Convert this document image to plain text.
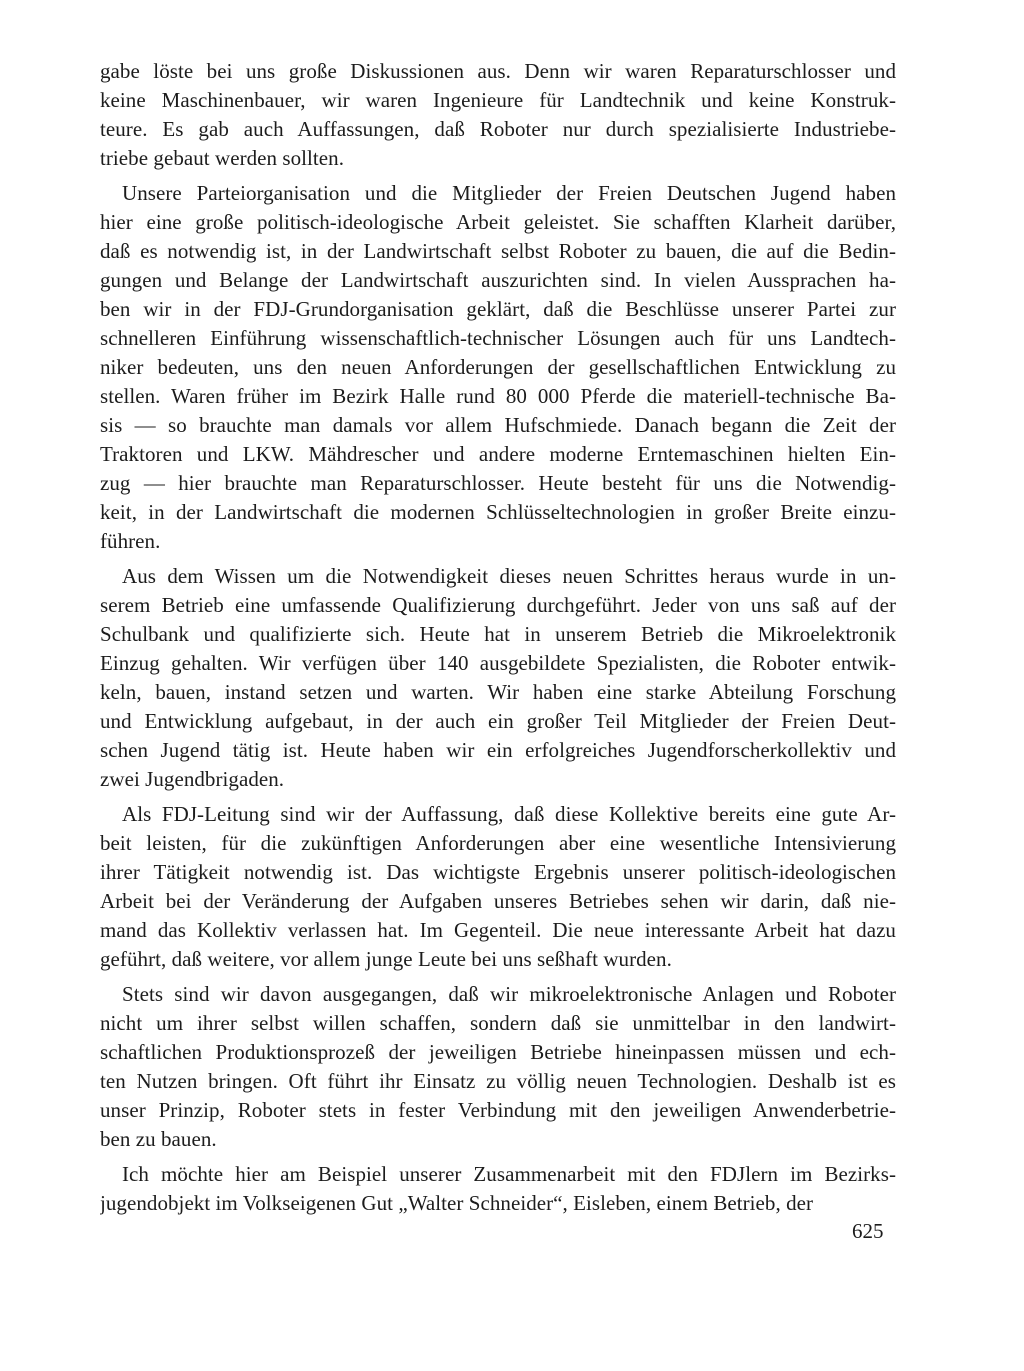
gabe löste bei uns große Diskussionen aus. Denn wir waren Reparaturschlosser und
keine Maschinenbauer, wir waren Ingenieure für Landtechnik und keine Konstruk-
teure. Es gab auch Auffassungen, daß Roboter nur durch spezialisierte Industriebe-
triebe gebaut werden sollten.
Unsere Parteiorganisation und die Mitglieder der Freien Deutschen Jugend haben
hier eine große politisch-ideologische Arbeit geleistet. Sie schafften Klarheit darüber,
daß es notwendig ist, in der Landwirtschaft selbst Roboter zu bauen, die auf die Bedin-
gungen und Belange der Landwirtschaft auszurichten sind. In vielen Aussprachen ha-
ben wir in der FDJ-Grundorganisation geklärt, daß die Beschlüsse unserer Partei zur
schnelleren Einführung wissenschaftlich-technischer Lösungen auch für uns Landtech-
niker bedeuten, uns den neuen Anforderungen der gesellschaftlichen Entwicklung zu
stellen. Waren früher im Bezirk Halle rund 80 000 Pferde die materiell-technische Ba-
sis — so brauchte man damals vor allem Hufschmiede. Danach begann die Zeit der
Traktoren und LKW. Mähdrescher und andere moderne Erntemaschinen hielten Ein-
zug — hier brauchte man Reparaturschlosser. Heute besteht für uns die Notwendig-
keit, in der Landwirtschaft die modernen Schlüsseltechnologien in großer Breite einzu-
führen.
Aus dem Wissen um die Notwendigkeit dieses neuen Schrittes heraus wurde in un-
serem Betrieb eine umfassende Qualifizierung durchgeführt. Jeder von uns saß auf der
Schulbank und qualifizierte sich. Heute hat in unserem Betrieb die Mikroelektronik
Einzug gehalten. Wir verfügen über 140 ausgebildete Spezialisten, die Roboter entwik-
keln, bauen, instand setzen und warten. Wir haben eine starke Abteilung Forschung
und Entwicklung aufgebaut, in der auch ein großer Teil Mitglieder der Freien Deut-
schen Jugend tätig ist. Heute haben wir ein erfolgreiches Jugendforscherkollektiv und
zwei Jugendbrigaden.
Als FDJ-Leitung sind wir der Auffassung, daß diese Kollektive bereits eine gute Ar-
beit leisten, für die zukünftigen Anforderungen aber eine wesentliche Intensivierung
ihrer Tätigkeit notwendig ist. Das wichtigste Ergebnis unserer politisch-ideologischen
Arbeit bei der Veränderung der Aufgaben unseres Betriebes sehen wir darin, daß nie-
mand das Kollektiv verlassen hat. Im Gegenteil. Die neue interessante Arbeit hat dazu
geführt, daß weitere, vor allem junge Leute bei uns seßhaft wurden.
Stets sind wir davon ausgegangen, daß wir mikroelektronische Anlagen und Roboter
nicht um ihrer selbst willen schaffen, sondern daß sie unmittelbar in den landwirt-
schaftlichen Produktionsprozeß der jeweiligen Betriebe hineinpassen müssen und ech-
ten Nutzen bringen. Oft führt ihr Einsatz zu völlig neuen Technologien. Deshalb ist es
unser Prinzip, Roboter stets in fester Verbindung mit den jeweiligen Anwenderbetrie-
ben zu bauen.
Ich möchte hier am Beispiel unserer Zusammenarbeit mit den FDJlern im Bezirks-
jugendobjekt im Volkseigenen Gut „Walter Schneider“, Eisleben, einem Betrieb, der
625
